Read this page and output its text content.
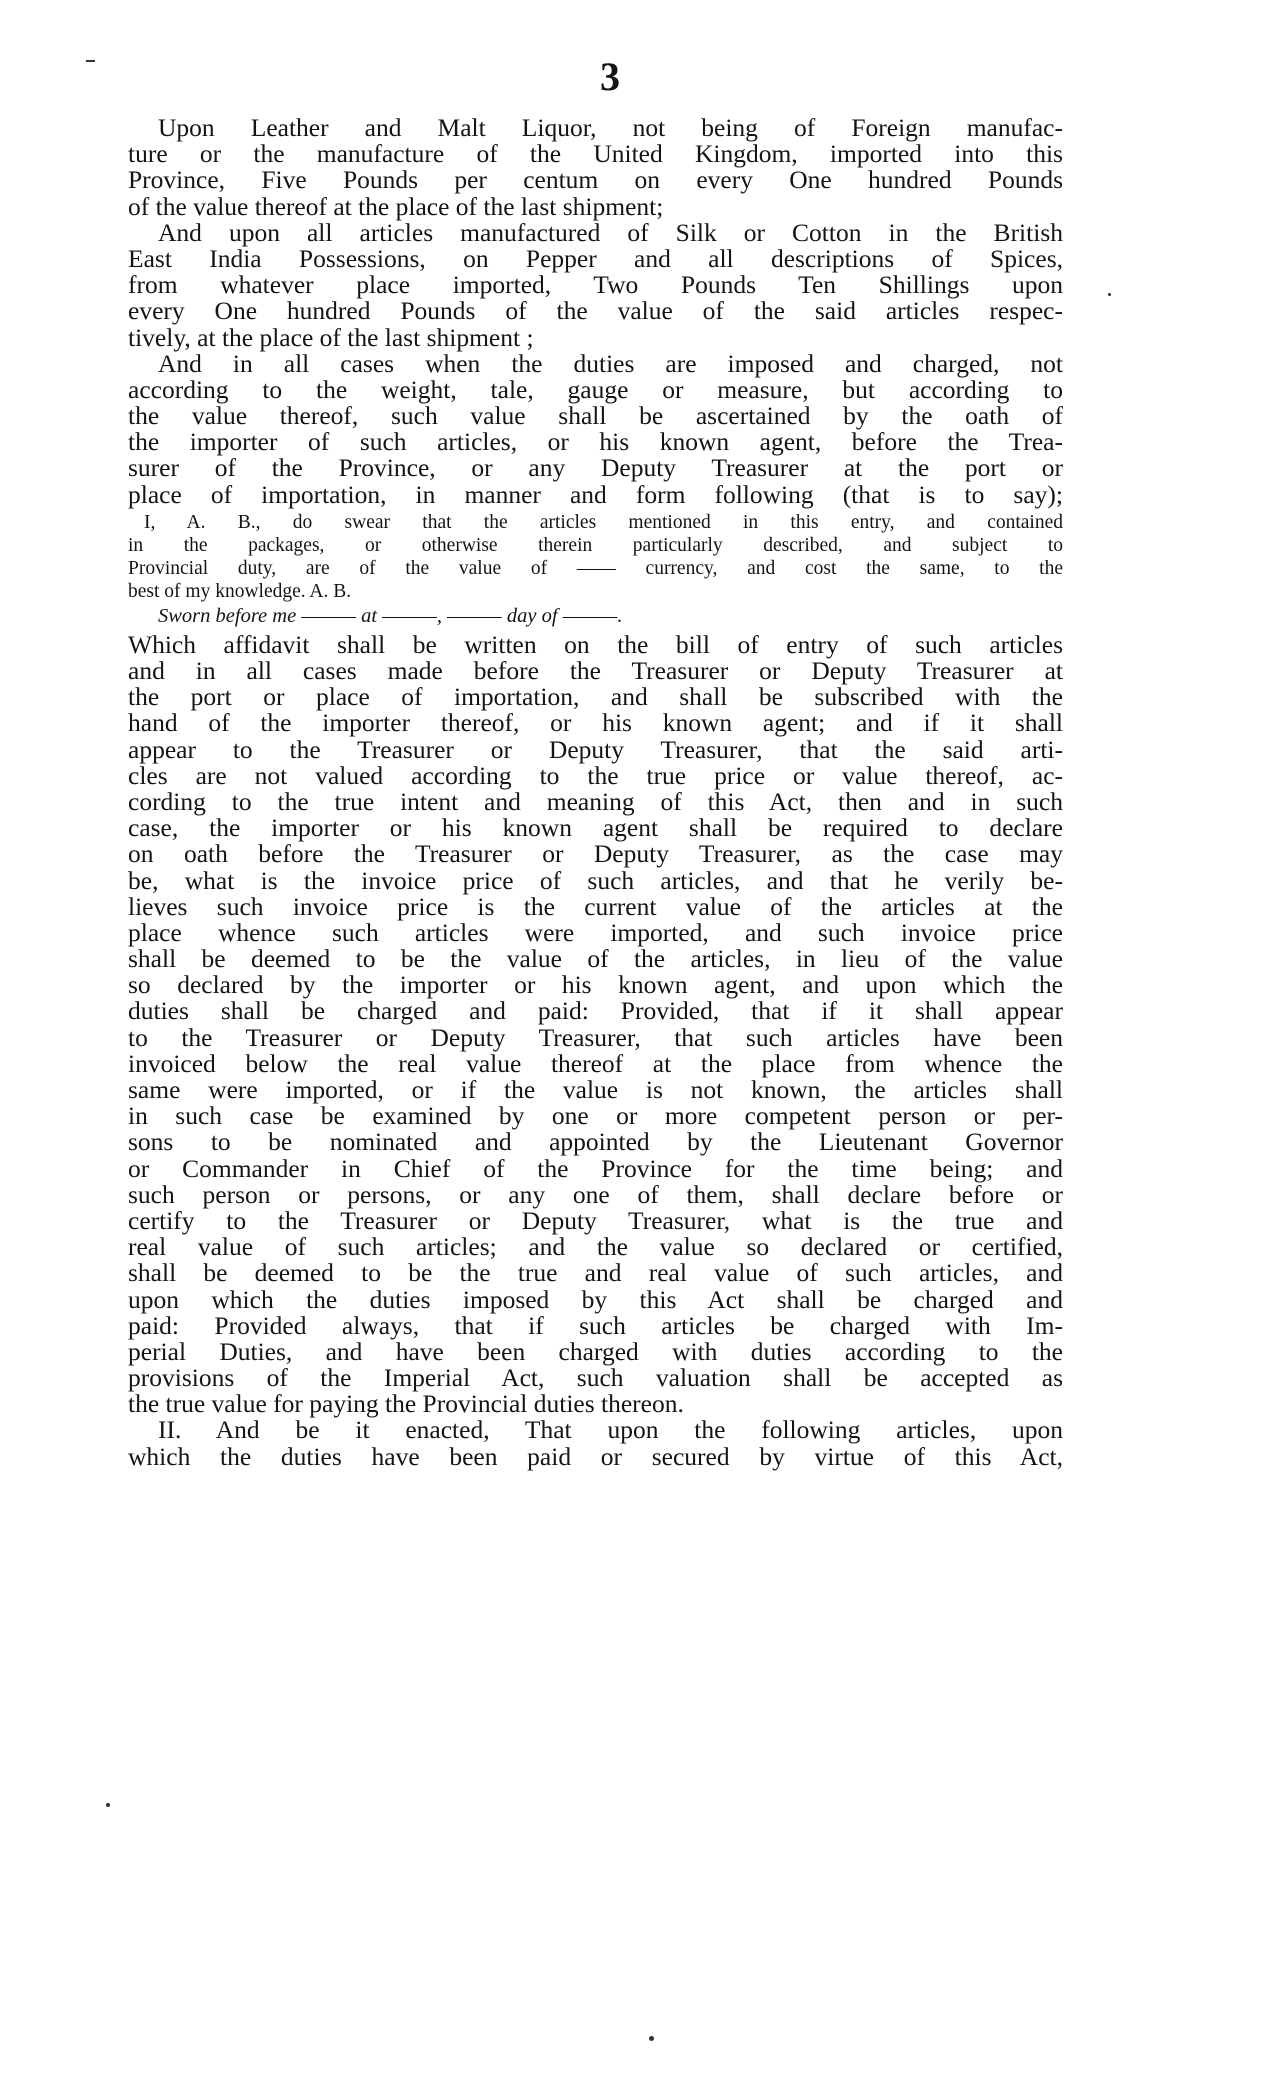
3
Upon Leather and Malt Liquor, not being of Foreign manufac-
ture or the manufacture of the United Kingdom, imported into this
Province, Five Pounds per centum on every One hundred Pounds
of the value thereof at the place of the last shipment;
And upon all articles manufactured of Silk or Cotton in the British
East India Possessions, on Pepper and all descriptions of Spices,
from whatever place imported, Two Pounds Ten Shillings upon
every One hundred Pounds of the value of the said articles respec-
tively, at the place of the last shipment ;
And in all cases when the duties are imposed and charged, not
according to the weight, tale, gauge or measure, but according to
the value thereof, such value shall be ascertained by the oath of
the importer of such articles, or his known agent, before the Trea-
surer of the Province, or any Deputy Treasurer at the port or
place of importation, in manner and form following (that is to say);
I, A. B., do swear that the articles mentioned in this entry, and contained
in the packages, or otherwise therein particularly described, and subject to
Provincial duty, are of the value of —— currency, and cost the same, to the
best of my knowledge. A. B.
Sworn before me ——— at ———, ——— day of ———.
Which affidavit shall be written on the bill of entry of such articles
and in all cases made before the Treasurer or Deputy Treasurer at
the port or place of importation, and shall be subscribed with the
hand of the importer thereof, or his known agent; and if it shall
appear to the Treasurer or Deputy Treasurer, that the said arti-
cles are not valued according to the true price or value thereof, ac-
cording to the true intent and meaning of this Act, then and in such
case, the importer or his known agent shall be required to declare
on oath before the Treasurer or Deputy Treasurer, as the case may
be, what is the invoice price of such articles, and that he verily be-
lieves such invoice price is the current value of the articles at the
place whence such articles were imported, and such invoice price
shall be deemed to be the value of the articles, in lieu of the value
so declared by the importer or his known agent, and upon which the
duties shall be charged and paid: Provided, that if it shall appear
to the Treasurer or Deputy Treasurer, that such articles have been
invoiced below the real value thereof at the place from whence the
same were imported, or if the value is not known, the articles shall
in such case be examined by one or more competent person or per-
sons to be nominated and appointed by the Lieutenant Governor
or Commander in Chief of the Province for the time being; and
such person or persons, or any one of them, shall declare before or
certify to the Treasurer or Deputy Treasurer, what is the true and
real value of such articles; and the value so declared or certified,
shall be deemed to be the true and real value of such articles, and
upon which the duties imposed by this Act shall be charged and
paid: Provided always, that if such articles be charged with Im-
perial Duties, and have been charged with duties according to the
provisions of the Imperial Act, such valuation shall be accepted as
the true value for paying the Provincial duties thereon.
II. And be it enacted, That upon the following articles, upon
which the duties have been paid or secured by virtue of this Act,
